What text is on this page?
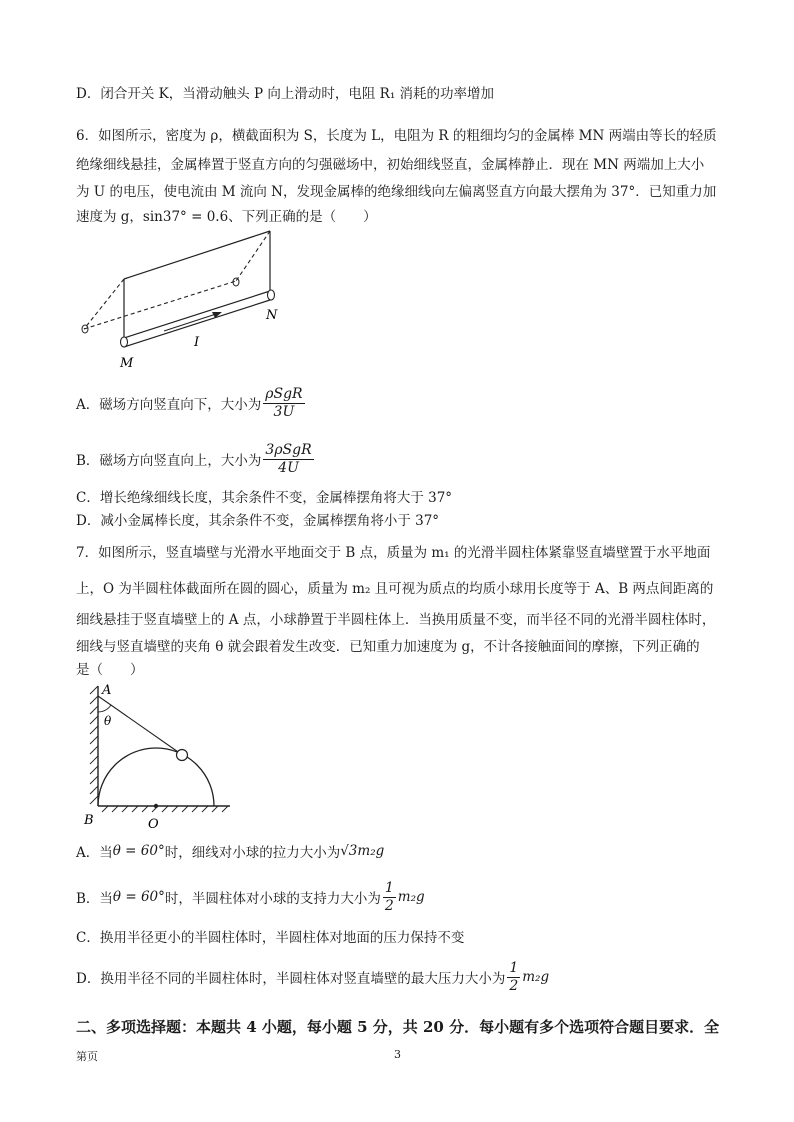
D．闭合开关 K，当滑动触头 P 向上滑动时，电阻 R₁ 消耗的功率增加
6．如图所示，密度为 ρ，横截面积为 S，长度为 L，电阻为 R 的粗细均匀的金属棒 MN 两端由等长的轻质
绝缘细线悬挂，金属棒置于竖直方向的匀强磁场中，初始细线竖直，金属棒静止．现在 MN 两端加上大小
为 U 的电压，使电流由 M 流向 N，发现金属棒的绝缘细线向左偏离竖直方向最大摆角为 37°．已知重力加
速度为 g，sin37° = 0.6、下列正确的是（　　）
M
N
I
A．磁场方向竖直向下，大小为 $\frac{\text{ρSgR}}{3U}$
B．磁场方向竖直向上，大小为 $\frac{\text{3ρSgR}}{4U}$
C．增长绝缘细线长度，其余条件不变，金属棒摆角将大于 37°
D．减小金属棒长度，其余条件不变，金属棒摆角将小于 37°
7．如图所示，竖直墙壁与光滑水平地面交于 B 点，质量为 m₁ 的光滑半圆柱体紧靠竖直墙壁置于水平地面
上，O 为半圆柱体截面所在圆的圆心，质量为 m₂ 且可视为质点的均质小球用长度等于 A、B 两点间距离的
细线悬挂于竖直墙壁上的 A 点，小球静置于半圆柱体上．当换用质量不变，而半径不同的光滑半圆柱体时，
细线与竖直墙壁的夹角 θ 就会跟着发生改变．已知重力加速度为 g，不计各接触面间的摩擦，下列正确的
是（　　）
A
θ
B	O
A．当 θ = 60° 时，细线对小球的拉力大小为 √3m₂g
B．当 θ = 60° 时，半圆柱体对小球的支持力大小为 $\frac{1}{2} m_2g$
C．换用半径更小的半圆柱体时，半圆柱体对地面的压力保持不变
D．换用半径不同的半圆柱体时，半圆柱体对竖直墙壁的最大压力大小为 $\frac{1}{2} m_2g$
二、多项选择题：本题共 4 小题，每小题 5 分，共 20 分．每小题有多个选项符合题目要求．全
第页	3
